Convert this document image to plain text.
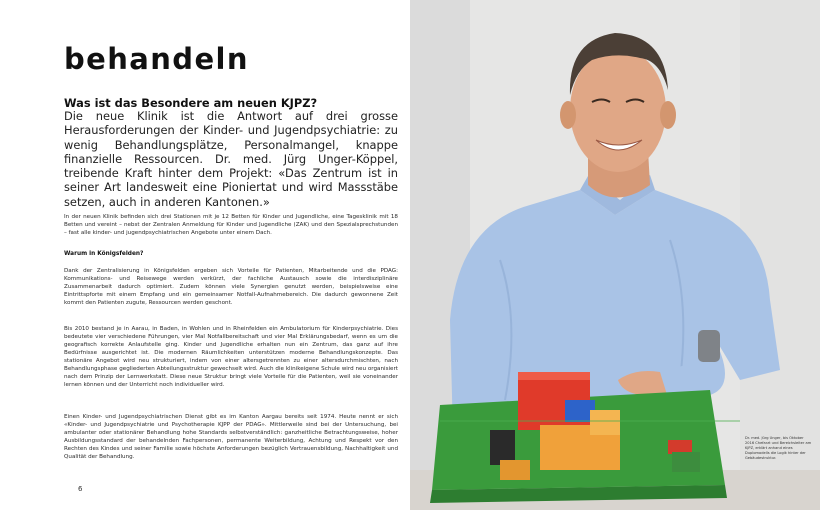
behandeln
Was ist das Besondere am neuen KJPZ?

Die neue Klinik ist die Antwort auf drei grosse Herausforderungen der Kinder- und Jugendpsychiatrie: zu wenig Behandlungsplätze, Personalmangel, knappe finanzielle Ressourcen. Dr. med. Jürg Unger-Köppel, treibende Kraft hinter dem Projekt: «Das Zentrum ist in seiner Art landesweit eine Pioniertat und wird Massstäbe setzen, auch in anderen Kantonen.»

In der neuen Klinik befinden sich drei Stationen mit je 12 Betten für Kinder und Jugendliche, eine Tagesklinik mit 18 Betten und vereint – nebst der Zentralen Anmeldung für Kinder und Jugendliche (ZAK) und den Spezialsprechstunden – fast alle kinder- und jugendpsychiatrischen Angebote unter einem Dach.

Warum in Königsfelden?

Dank der Zentralisierung in Königsfelden ergeben sich Vorteile für Patienten, Mitarbeitende und die PDAG: Kommunikations- und Reisewege werden verkürzt, der fachliche Austausch sowie die interdisziplinäre Zusammenarbeit dadurch optimiert. Zudem können viele Synergien genutzt werden, beispielsweise eine Eintrittspforte mit einem Empfang und ein gemeinsamer Notfall-Aufnahmebereich. Die dadurch gewonnene Zeit kommt den Patienten zugute, Ressourcen werden geschont.

Bis 2010 bestand je in Aarau, in Baden, in Wohlen und in Rheinfelden ein Ambulatorium für Kinderpsychiatrie. Dies bedeutete vier verschiedene Führungen, vier Mal Notfallbereitschaft und vier Mal Erklärungsbedarf, wenn es um die geografisch korrekte Anlaufstelle ging. Kinder und Jugendliche erhalten nun ein Zentrum, das ganz auf ihre Bedürfnisse ausgerichtet ist. Die modernen Räumlichkeiten unterstützen moderne Behandlungskonzepte. Das stationäre Angebot wird neu strukturiert, indem von einer altersgetrennten zu einer altersdurchmischten, nach Behandlungsphase gegliederten Abteilungsstruktur gewechselt wird. Auch die klinikeigene Schule wird neu organisiert nach dem Prinzip der Lernwerkstatt. Diese neue Struktur bringt viele Vorteile für die Patienten, weil sie voneinander lernen können und der Unterricht noch individueller wird.

Einen Kinder- und Jugendpsychiatrischen Dienst gibt es im Kanton Aargau bereits seit 1974. Heute nennt er sich «Kinder- und Jugendpsychiatrie und Psychotherapie KJPP der PDAG». Mittlerweile sind bei der Untersuchung, bei ambulanter oder stationärer Behandlung hohe Standards selbstverständlich: ganzheitliche Betrachtungsweise, hoher Ausbildungsstandard der behandelnden Fachpersonen, permanente Weiterbildung, Achtung und Respekt vor den Rechten des Kindes und seiner Familie sowie höchste Anforderungen bezüglich Vertrauensbildung, Nachhaltigkeit und Qualität der Behandlung.

6

Dr. med. Jürg Unger, bis Oktober 2016 Chefarzt und Bereichsleiter am KJPZ, erklärt anhand eines Duplomodells die Logik hinter der Gebäudestruktur.
